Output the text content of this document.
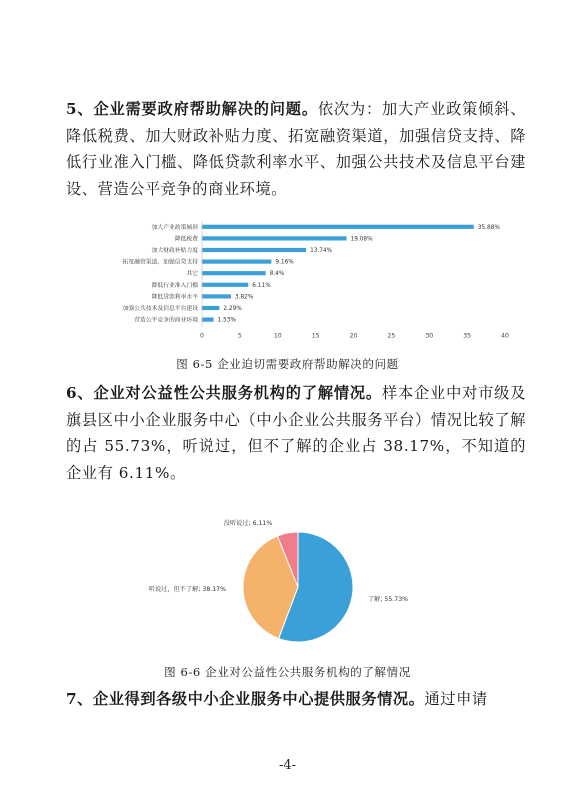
5、企业需要政府帮助解决的问题。依次为：加大产业政策倾斜、降低税费、加大财政补贴力度、拓宽融资渠道，加强信贷支持、降低行业准入门槛、降低贷款利率水平、加强公共技术及信息平台建设、营造公平竞争的商业环境。

加大产业政策倾斜	35.88%
降低税费	19.08%
加大财政补贴力度	13.74%
拓宽融资渠道，加强信贷支持	9.16%
其它	8.4%
降低行业准入门槛	6.11%
降低贷款利率水平	3.82%
加强公共技术及信息平台建设	2.29%
营造公平竞争的商业环境	1.53%
0	5	10	15	20	25	30	35	40
图 6-5 企业迫切需要政府帮助解决的问题

6、企业对公益性公共服务机构的了解情况。样本企业中对市级及旗县区中小企业服务中心（中小企业公共服务平台）情况比较了解的占 55.73%，听说过，但不了解的企业占 38.17%，不知道的企业有 6.11%。

了解; 55.73%
听说过，但不了解; 38.17%
没听说过; 6.11%
图 6-6 企业对公益性公共服务机构的了解情况

7、企业得到各级中小企业服务中心提供服务情况。通过申请

-4-
